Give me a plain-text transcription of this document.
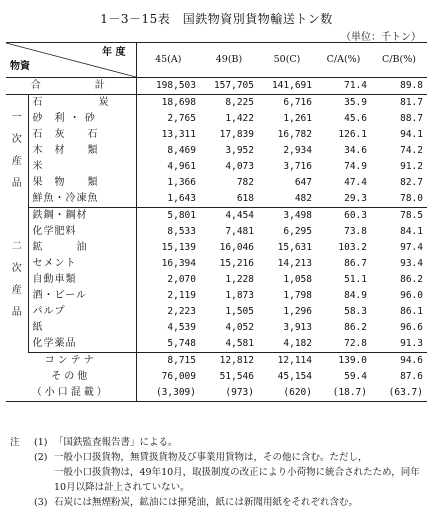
1－3－15表　国鉄物資別貨物輸送トン数
（単位：千トン）
年 度
物資		45(A)	49(B)	50(C)	C/A(%)	C/B(%)
合　　　計		198,503	157,705	141,691	71.4	89.8

一
次
産
品	石　　　　　炭	18,698	8,225	6,716	35.9	81.7
	砂　利 ・ 砂	2,765	1,422	1,261	45.6	88.7
	石　灰　　石	13,311	17,839	16,782	126.1	94.1
	木　材　　類	8,469	3,952	2,934	34.6	74.2
	米	4,961	4,073	3,716	74.9	91.2
	果　物　　類	1,366	782	647	47.4	82.7
	鮮魚・冷凍魚	1,643	618	482	29.3	78.0

二
次
産
品	鉄鋼・鋼材	5,801	4,454	3,498	60.3	78.5
	化学肥料	8,533	7,481	6,295	73.8	84.1
	鉱　　　油	15,139	16,046	15,631	103.2	97.4
	セメント	16,394	15,216	14,213	86.7	93.4
	自動車類	2,070	1,228	1,058	51.1	86.2
	酒・ビール	2,119	1,873	1,798	84.9	96.0
	パルプ	2,223	1,505	1,296	58.3	86.1
	紙	4,539	4,052	3,913	86.2	96.6
	化学薬品	5,748	4,581	4,182	72.8	91.3
コンテナ		8,715	12,812	12,114	139.0	94.6
その他		76,009	51,546	45,154	59.4	87.6
（小口混載）		(3,309)	(973)	(620)	(18.7)	(63.7)
注	(1) 「国鉄監査報告書」による。
(2) 一般小口扱貨物，無賃扱貨物及び事業用貨物は，その他に含む。ただし，
一般小口扱貨物は，49年10月，取扱制度の改正により小荷物に統合されたため，同年10月以降は計上されていない。
(3) 石炭には無煙粉炭，鉱油には揮発油，紙には新聞用紙をそれぞれ含む。
